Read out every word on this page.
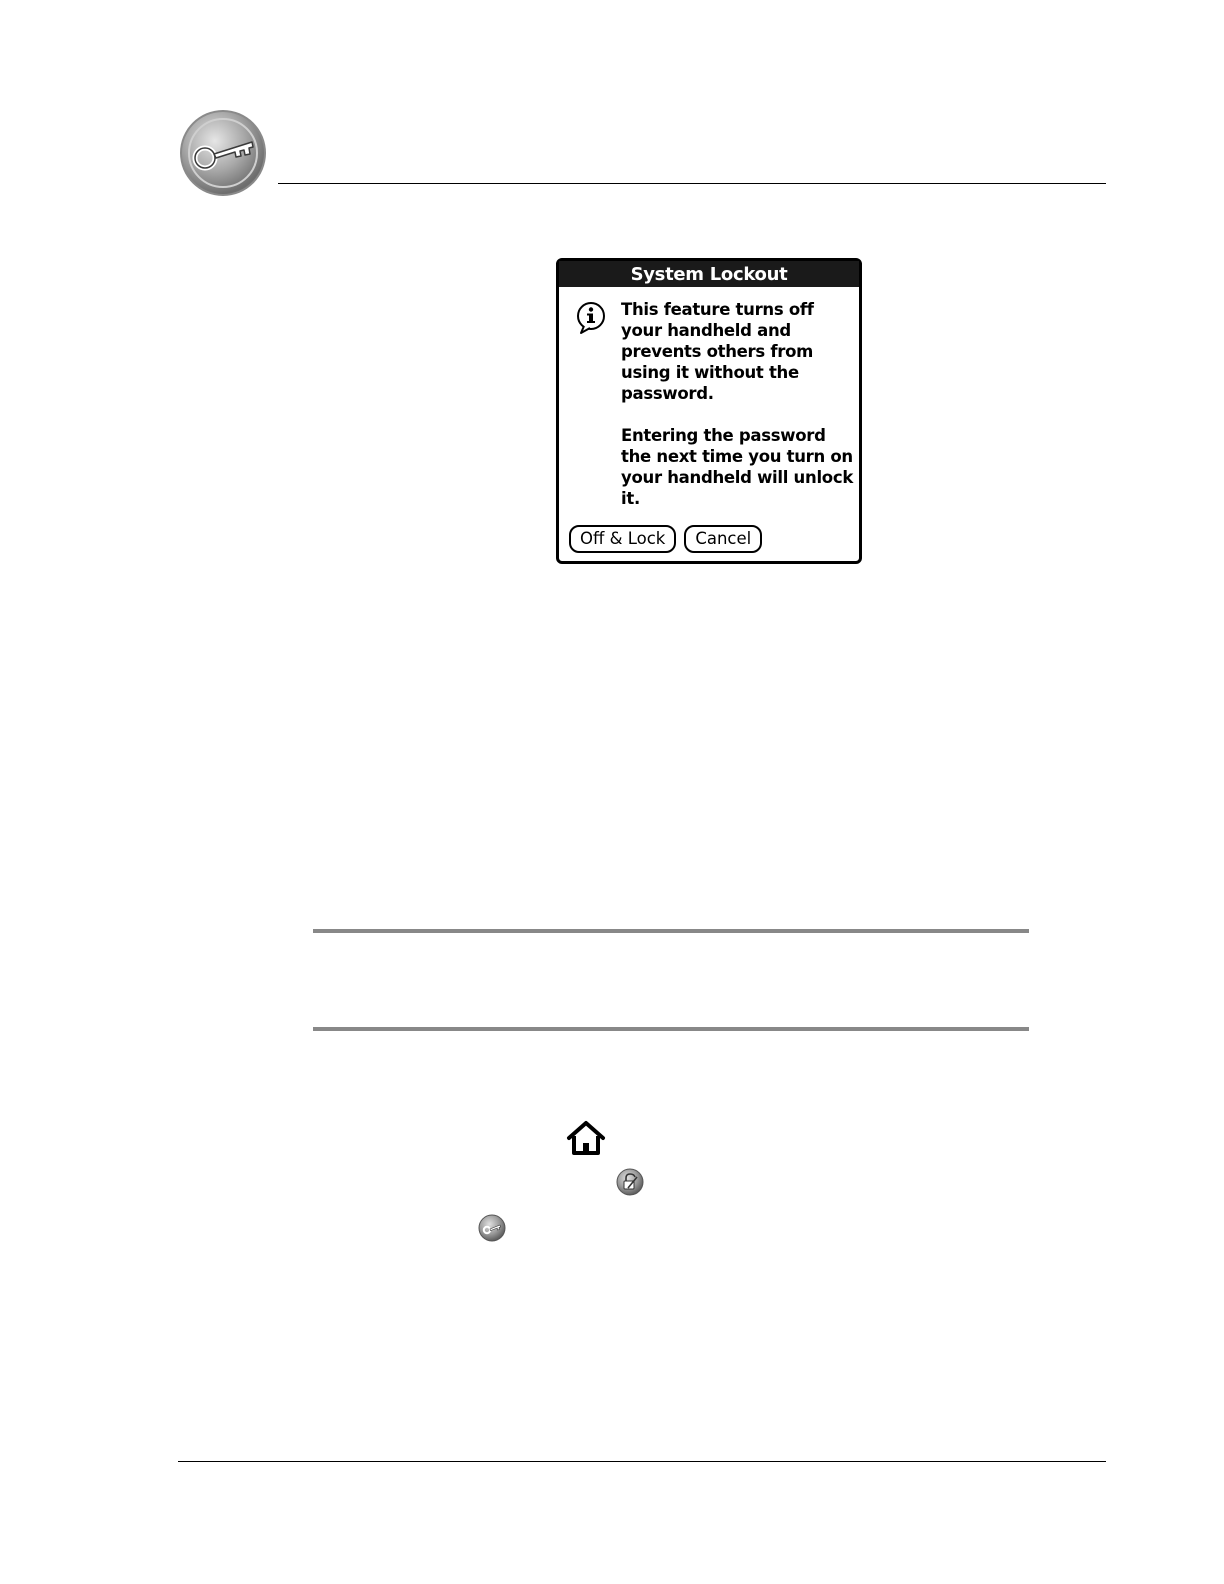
System Lockout

This feature turns off your handheld and prevents others from using it without the password.

Entering the password the next time you turn on your handheld will unlock it.

Off & Lock	Cancel
